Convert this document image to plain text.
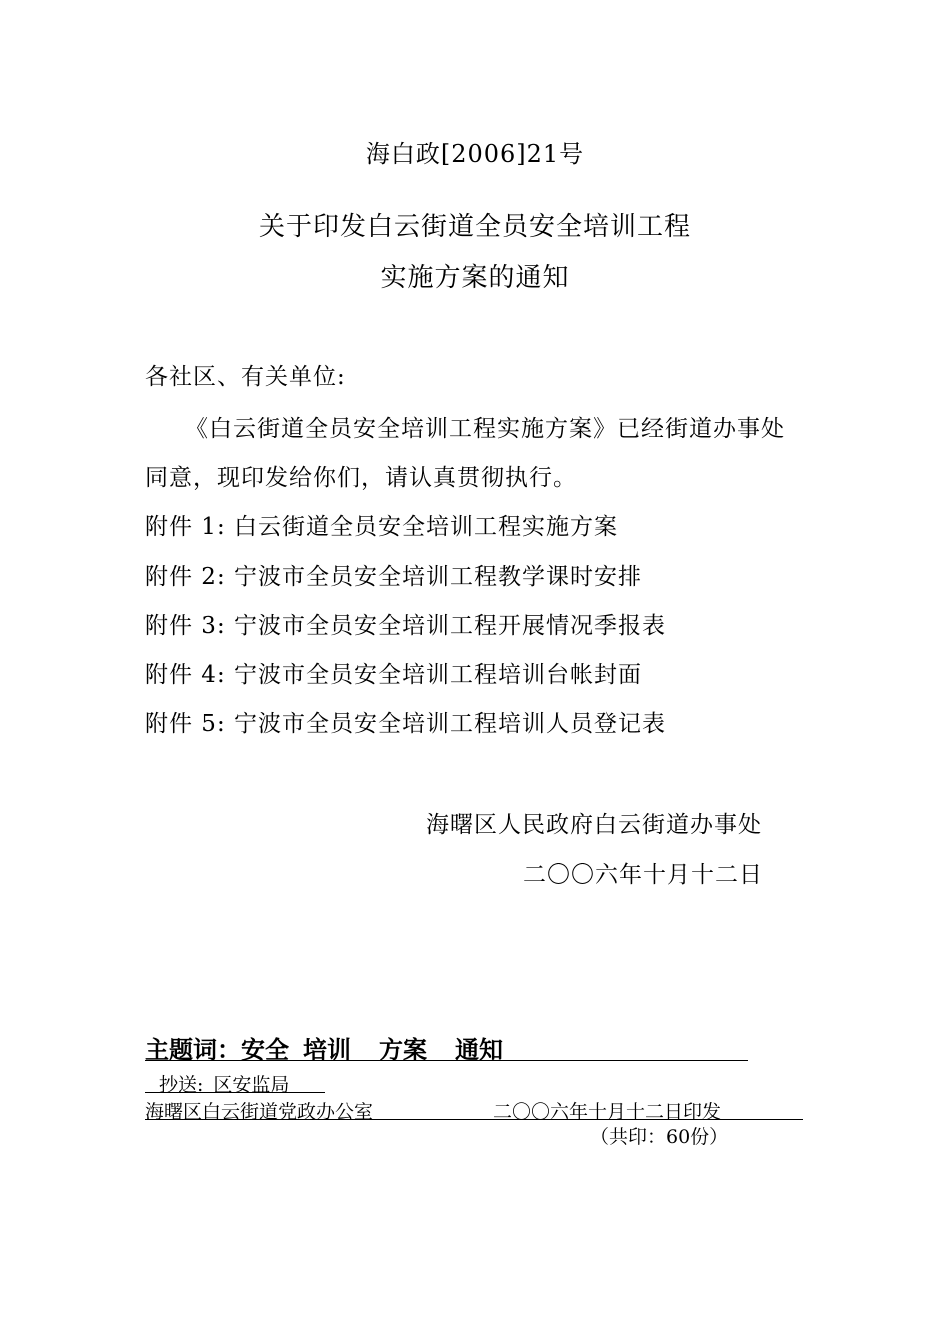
海白政[2006]21号
关于印发白云街道全员安全培训工程
实施方案的通知
各社区、有关单位:
《白云街道全员安全培训工程实施方案》已经街道办事处
同意，现印发给你们，请认真贯彻执行。
附件 1: 白云街道全员安全培训工程实施方案
附件 2: 宁波市全员安全培训工程教学课时安排
附件 3: 宁波市全员安全培训工程开展情况季报表
附件 4: 宁波市全员安全培训工程培训台帐封面
附件 5: 宁波市全员安全培训工程培训人员登记表
海曙区人民政府白云街道办事处
二〇〇六年十月十二日
主题词：安全 培训 方案 通知
抄送: 区安监局
海曙区白云街道党政办公室	二〇〇六年十月十二日印发
（共印：60份）
